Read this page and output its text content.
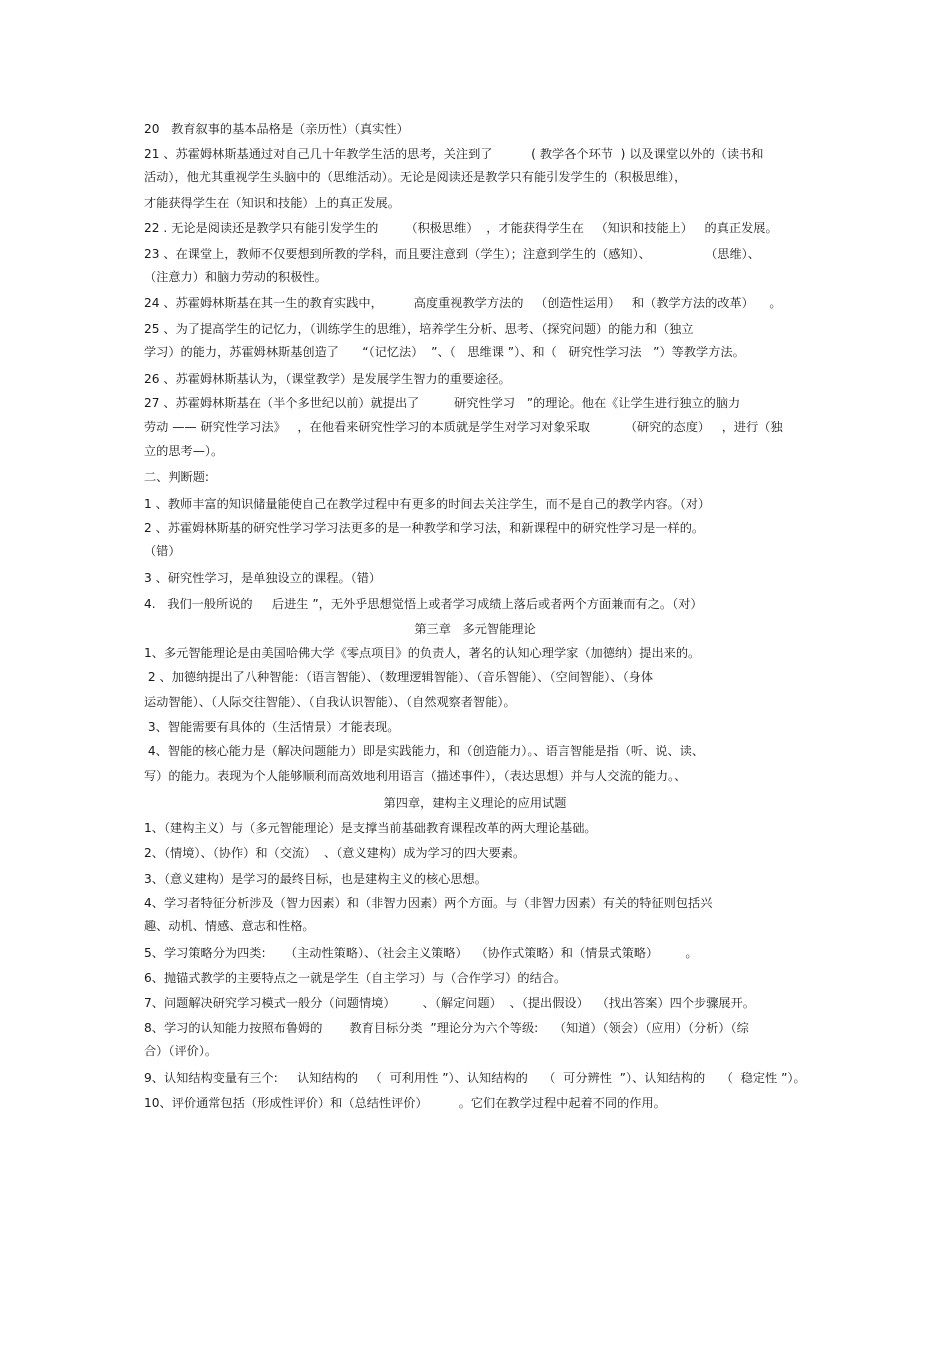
20   教育叙事的基本品格是（亲历性）（真实性）

21 、苏霍姆林斯基通过对自己几十年教学生活的思考，关注到了          ( 教学各个环节  ) 以及课堂以外的（读书和

活动），他尤其重视学生头脑中的（思维活动）。无论是阅读还是教学只有能引发学生的（积极思维），

才能获得学生在（知识和技能）上的真正发展。

22 . 无论是阅读还是教学只有能引发学生的       （积极思维）  ，才能获得学生在   （知识和技能上）   的真正发展。

23 、在课堂上，教师不仅要想到所教的学科，而且要注意到（学生）；注意到学生的（感知）、              （思维）、

（注意力）和脑力劳动的积极性。

24 、苏霍姆林斯基在其一生的教育实践中，        高度重视教学方法的   （创造性运用）   和（教学方法的改革）    。

25 、为了提高学生的记忆力，（训练学生的思维），培养学生分析、思考、（探究问题）的能力和（独立

学习）的能力，苏霍姆林斯基创造了      “（记忆法）  ”、（   思维课 ”）、和（   研究性学习法   ”）等教学方法。

26 、苏霍姆林斯基认为，（课堂教学）是发展学生智力的重要途径。

27 、苏霍姆林斯基在（半个多世纪以前）就提出了         研究性学习   ”的理论。他在《让学生进行独立的脑力

劳动 —— 研究性学习法》   ，在他看来研究性学习的本质就是学生对学习对象采取         （研究的态度）   ，进行（独

立的思考—）。

二、判断题:

1 、教师丰富的知识储量能使自己在教学过程中有更多的时间去关注学生，而不是自己的教学内容。（对）

2 、苏霍姆林斯基的研究性学习学习法更多的是一种教学和学习法，和新课程中的研究性学习是一样的。

（错）

3 、研究性学习，是单独设立的课程。（错）

4.   我们一般所说的     后进生 ”，无外乎思想觉悟上或者学习成绩上落后或者两个方面兼而有之。（对）

第三章   多元智能理论

1、多元智能理论是由美国哈佛大学《零点项目》的负责人，著名的认知心理学家（加德纳）提出来的。

2 、加德纳提出了八种智能：（语言智能）、（数理逻辑智能）、（音乐智能）、（空间智能）、（身体

运动智能）、（人际交往智能）、（自我认识智能）、（自然观察者智能）。

3、智能需要有具体的（生活情景）才能表现。

4、智能的核心能力是（解决问题能力）即是实践能力，和（创造能力）。、语言智能是指（听、说、读、

写）的能力。表现为个人能够顺利而高效地利用语言（描述事件），（表达思想）并与人交流的能力。、

第四章，建构主义理论的应用试题

1、（建构主义）与（多元智能理论）是支撑当前基础教育课程改革的两大理论基础。

2、（情境）、（协作）和（交流）  、（意义建构）成为学习的四大要素。

3、（意义建构）是学习的最终目标，也是建构主义的核心思想。

4、学习者特征分析涉及（智力因素）和（非智力因素）两个方面。与（非智力因素）有关的特征则包括兴

趣、动机、情感、意志和性格。

5、学习策略分为四类:     （主动性策略）、（社会主义策略）  （协作式策略）和（情景式策略）       。

6、抛锚式教学的主要特点之一就是学生（自主学习）与（合作学习）的结合。

7、问题解决研究学习模式一般分（问题情境）       、（解定问题）  、（提出假设）  （找出答案）四个步骤展开。

8、学习的认知能力按照布鲁姆的       教育目标分类  ”理论分为六个等级:    （知道）（领会）（应用）（分析）（综

合）（评价）。

9、认知结构变量有三个:     认知结构的   （  可利用性 ”）、认知结构的    （  可分辨性  ”）、认知结构的    （  稳定性 ”）。

10、评价通常包括（形成性评价）和（总结性评价）        。它们在教学过程中起着不同的作用。
